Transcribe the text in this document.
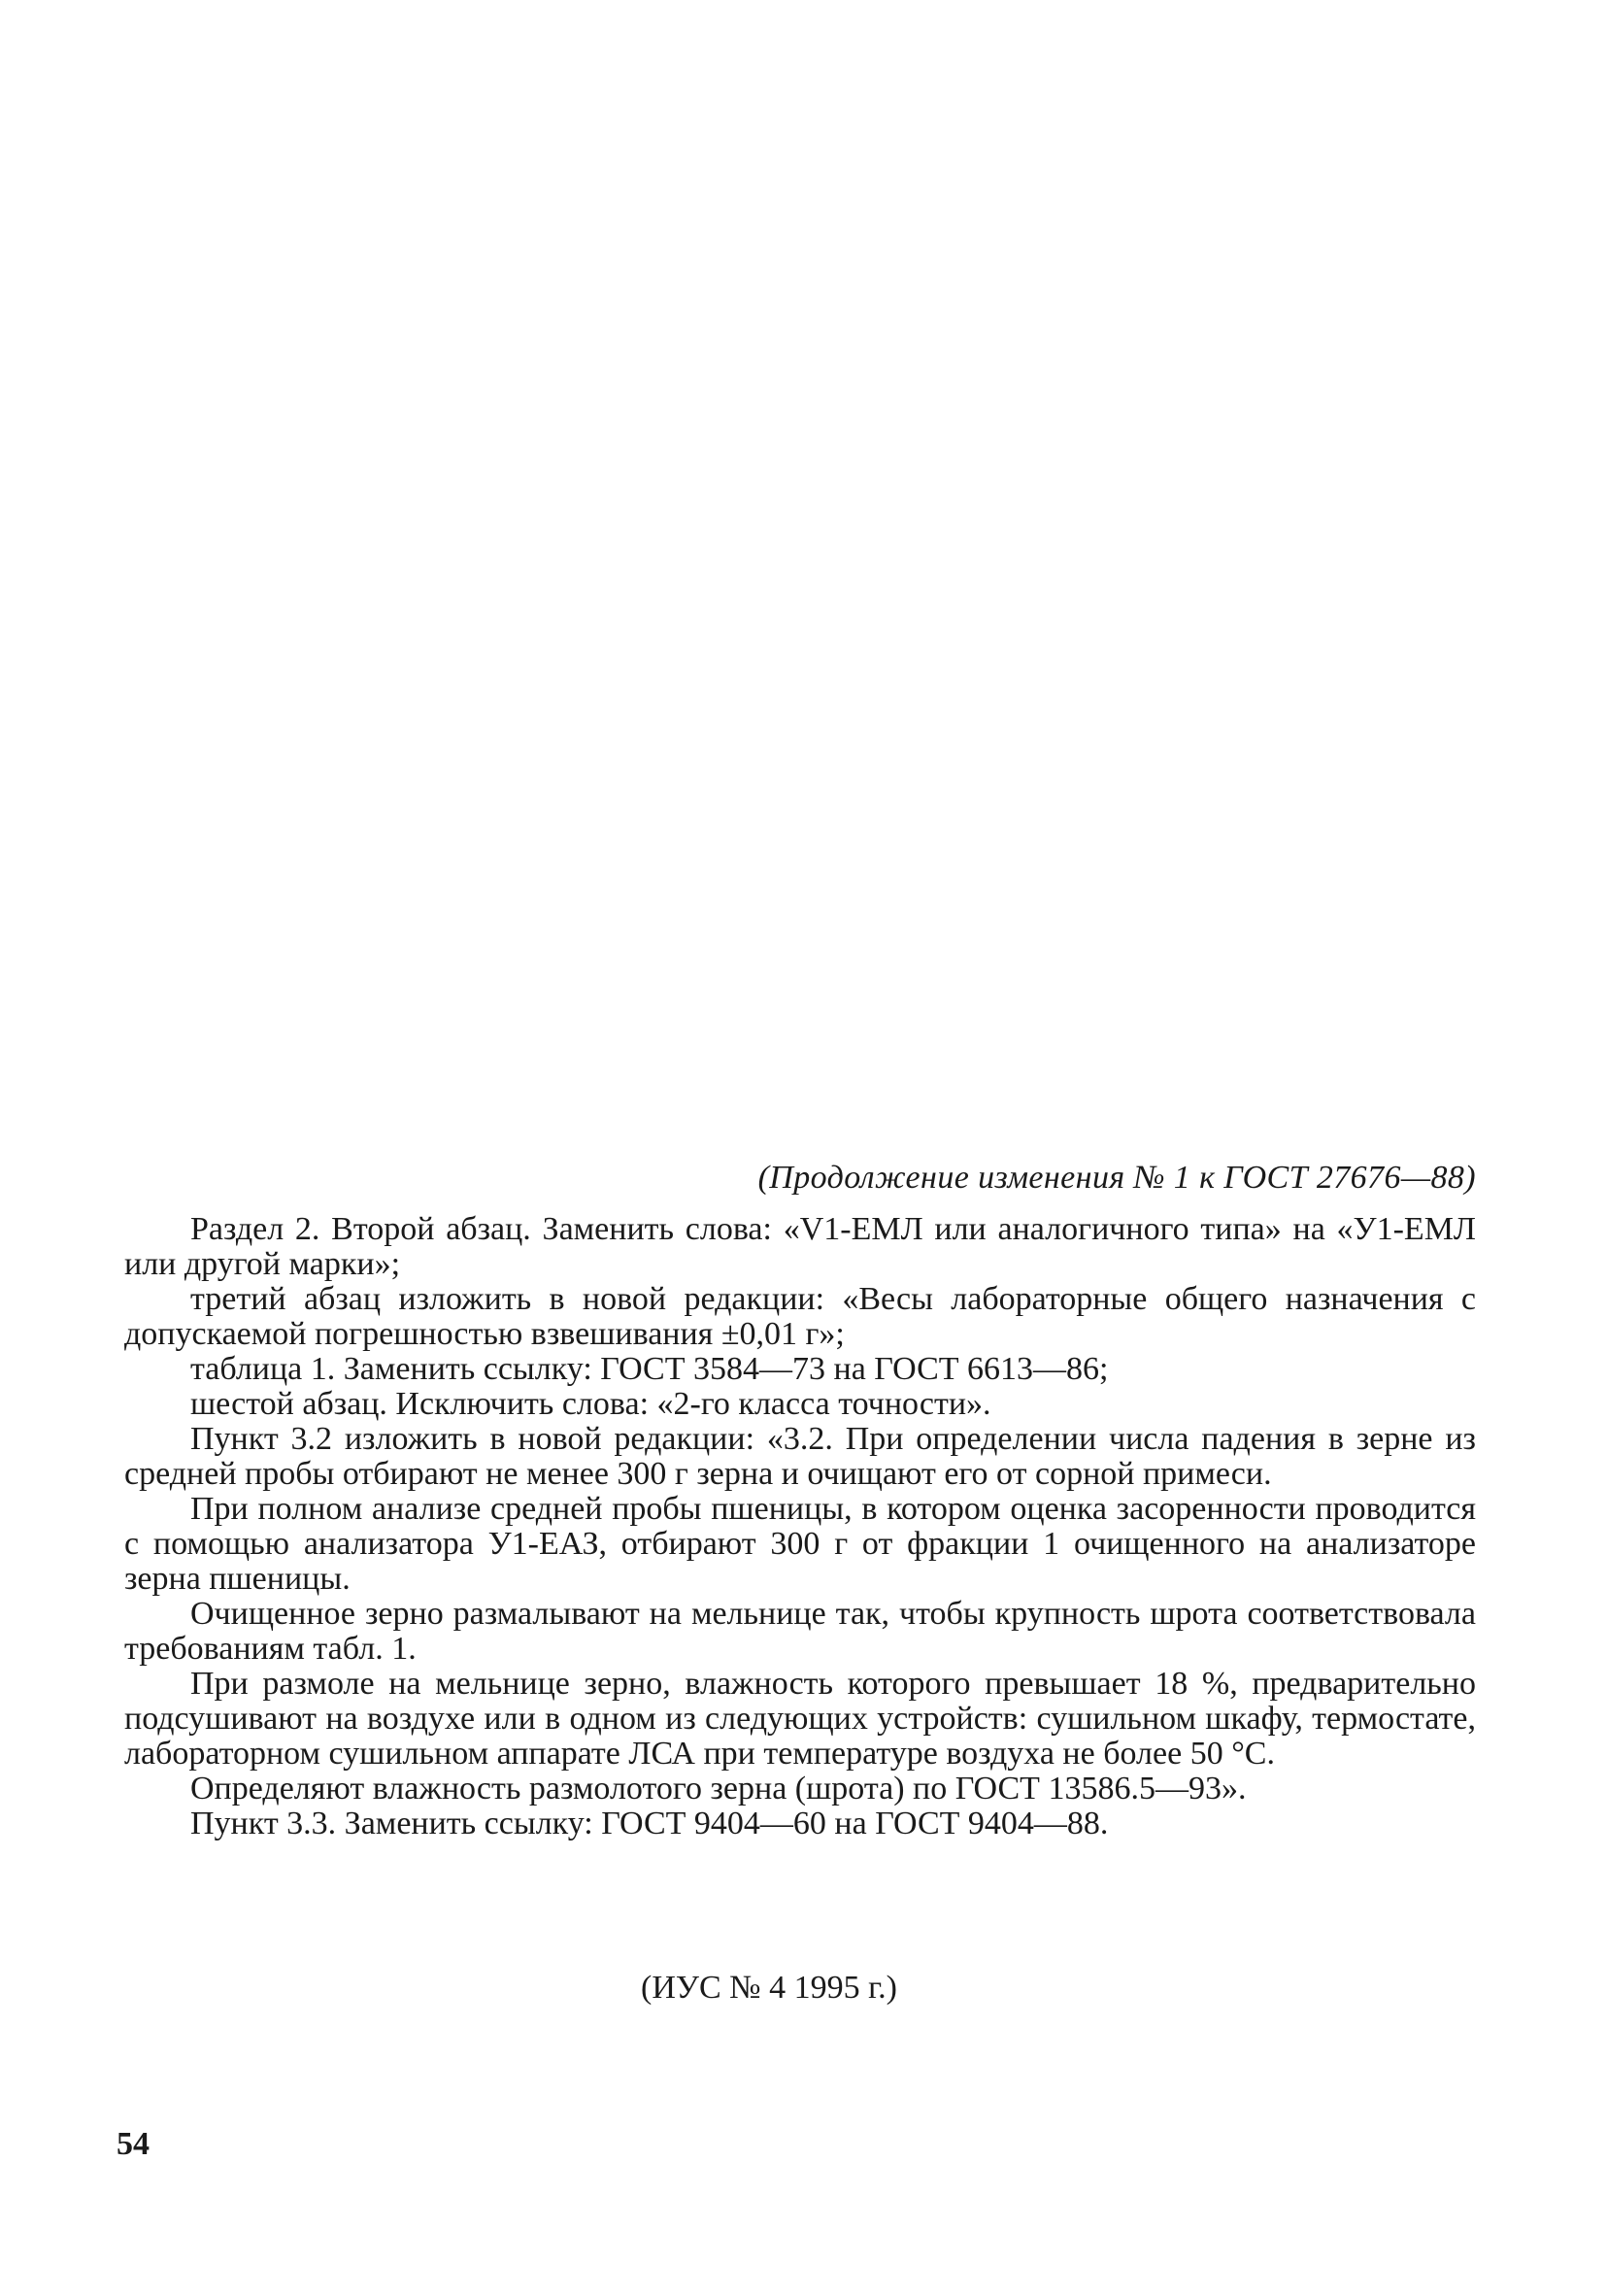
(Продолжение изменения № 1 к ГОСТ 27676—88)

Раздел 2. Второй абзац. Заменить слова: «V1-ЕМЛ или аналогичного типа» на «У1-ЕМЛ или другой марки»;

третий абзац изложить в новой редакции: «Весы лабораторные общего назначения с допускаемой погрешностью взвешивания ±0,01 г»;

таблица 1. Заменить ссылку: ГОСТ 3584—73 на ГОСТ 6613—86;

шестой абзац. Исключить слова: «2-го класса точности».

Пункт 3.2 изложить в новой редакции: «3.2. При определении числа падения в зерне из средней пробы отбирают не менее 300 г зерна и очищают его от сорной примеси.

При полном анализе средней пробы пшеницы, в котором оценка засоренности проводится с помощью анализатора У1-ЕАЗ, отбирают 300 г от фракции 1 очищенного на анализаторе зерна пшеницы.

Очищенное зерно размалывают на мельнице так, чтобы крупность шрота соответствовала требованиям табл. 1.

При размоле на мельнице зерно, влажность которого превышает 18 %, предварительно подсушивают на воздухе или в одном из следующих устройств: сушильном шкафу, термостате, лабораторном сушильном аппарате ЛСА при температуре воздуха не более 50 °С.

Определяют влажность размолотого зерна (шрота) по ГОСТ 13586.5—93».

Пункт 3.3. Заменить ссылку: ГОСТ 9404—60 на ГОСТ 9404—88.

(ИУС № 4 1995 г.)
54
